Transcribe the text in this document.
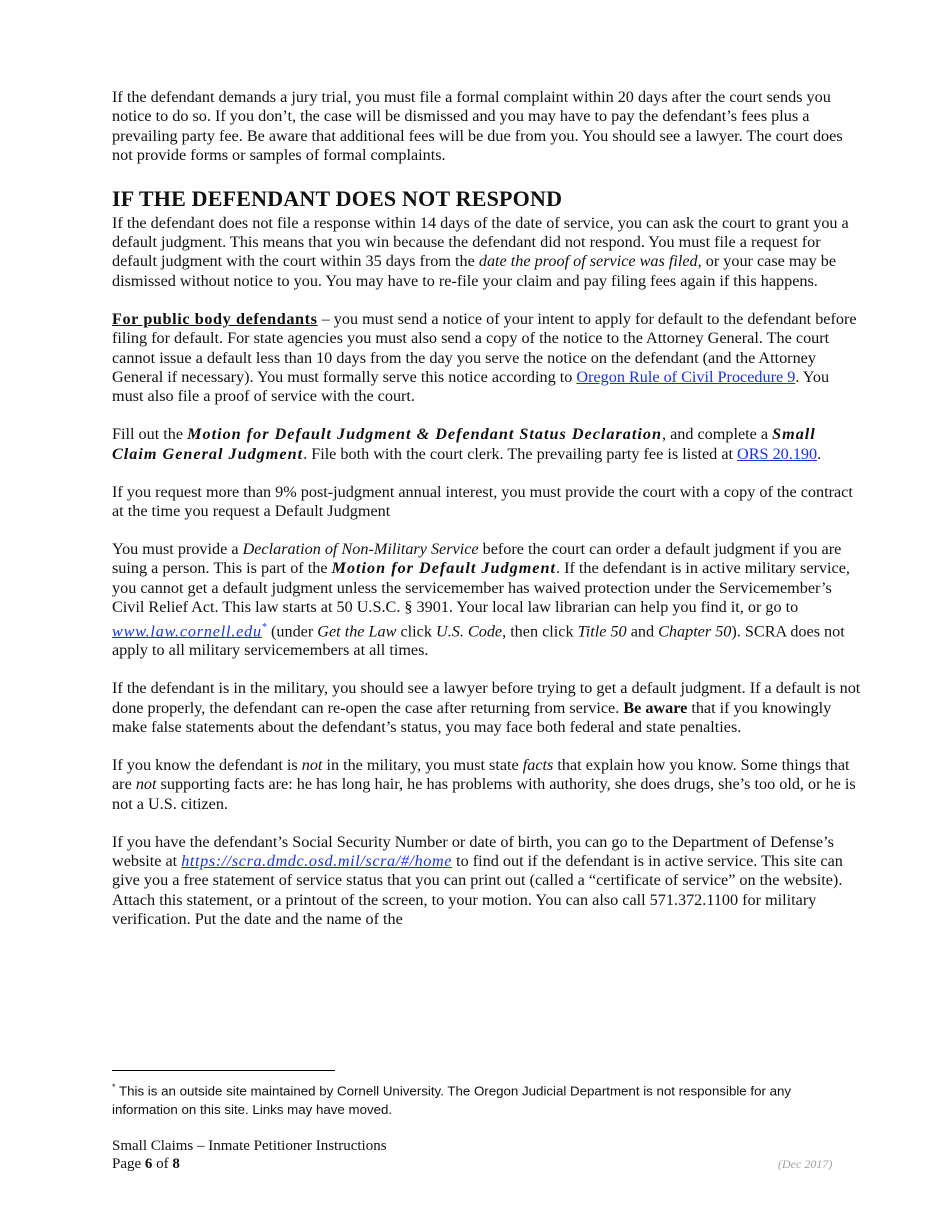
If the defendant demands a jury trial, you must file a formal complaint within 20 days after the court sends you notice to do so. If you don’t, the case will be dismissed and you may have to pay the defendant’s fees plus a prevailing party fee. Be aware that additional fees will be due from you. You should see a lawyer. The court does not provide forms or samples of formal complaints.

IF THE DEFENDANT DOES NOT RESPOND

If the defendant does not file a response within 14 days of the date of service, you can ask the court to grant you a default judgment. This means that you win because the defendant did not respond. You must file a request for default judgment with the court within 35 days from the date the proof of service was filed, or your case may be dismissed without notice to you. You may have to re-file your claim and pay filing fees again if this happens.

For public body defendants – you must send a notice of your intent to apply for default to the defendant before filing for default. For state agencies you must also send a copy of the notice to the Attorney General. The court cannot issue a default less than 10 days from the day you serve the notice on the defendant (and the Attorney General if necessary). You must formally serve this notice according to Oregon Rule of Civil Procedure 9. You must also file a proof of service with the court.

Fill out the Motion for Default Judgment & Defendant Status Declaration, and complete a Small Claim General Judgment. File both with the court clerk. The prevailing party fee is listed at ORS 20.190.

If you request more than 9% post-judgment annual interest, you must provide the court with a copy of the contract at the time you request a Default Judgment

You must provide a Declaration of Non-Military Service before the court can order a default judgment if you are suing a person. This is part of the Motion for Default Judgment. If the defendant is in active military service, you cannot get a default judgment unless the servicemember has waived protection under the Servicemember’s Civil Relief Act. This law starts at 50 U.S.C. § 3901. Your local law librarian can help you find it, or go to www.law.cornell.edu* (under Get the Law click U.S. Code, then click Title 50 and Chapter 50). SCRA does not apply to all military servicemembers at all times.

If the defendant is in the military, you should see a lawyer before trying to get a default judgment. If a default is not done properly, the defendant can re-open the case after returning from service. Be aware that if you knowingly make false statements about the defendant’s status, you may face both federal and state penalties.

If you know the defendant is not in the military, you must state facts that explain how you know. Some things that are not supporting facts are: he has long hair, he has problems with authority, she does drugs, she’s too old, or he is not a U.S. citizen.

If you have the defendant’s Social Security Number or date of birth, you can go to the Department of Defense’s website at https://scra.dmdc.osd.mil/scra/#/home to find out if the defendant is in active service. This site can give you a free statement of service status that you can print out (called a “certificate of service” on the website). Attach this statement, or a printout of the screen, to your motion. You can also call 571.372.1100 for military verification. Put the date and the name of the

* This is an outside site maintained by Cornell University. The Oregon Judicial Department is not responsible for any information on this site. Links may have moved.
Small Claims – Inmate Petitioner Instructions
Page 6 of 8	(Dec 2017)
